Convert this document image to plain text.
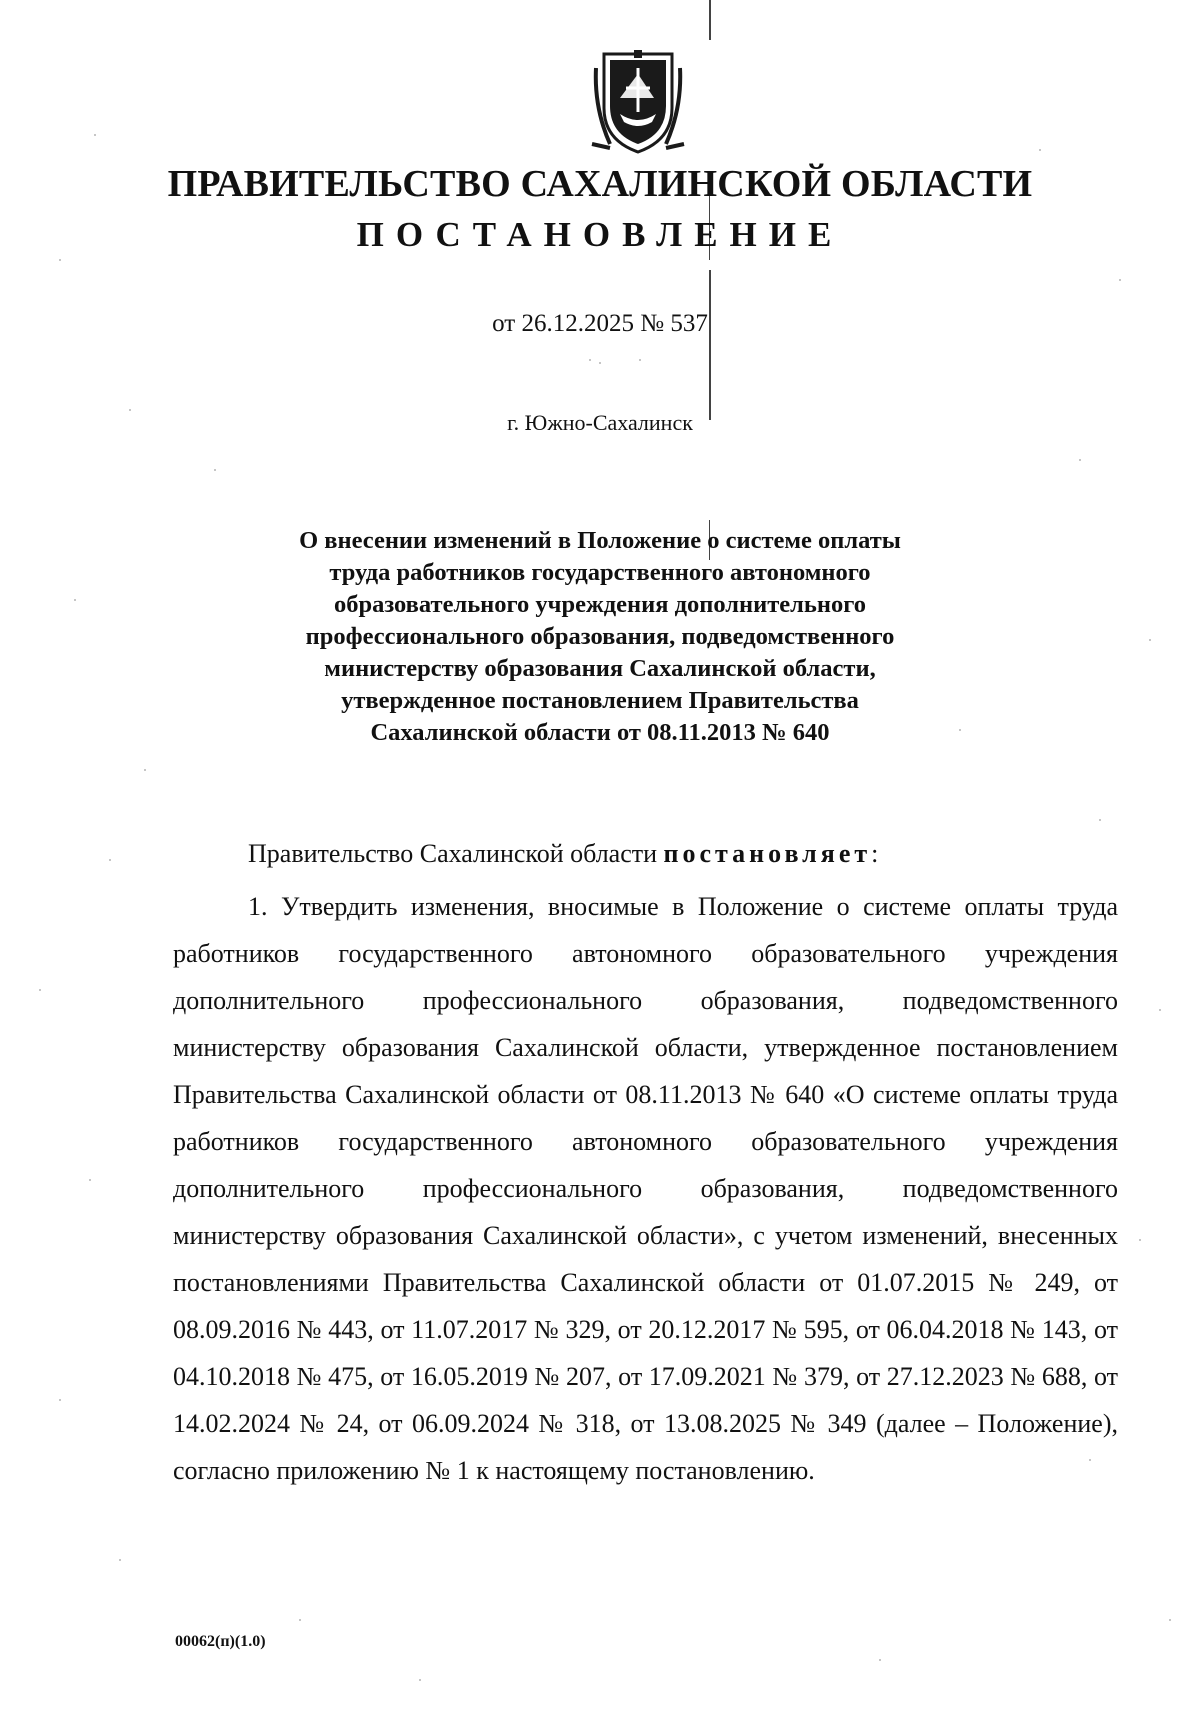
ПРАВИТЕЛЬСТВО САХАЛИНСКОЙ ОБЛАСТИ
ПОСТАНОВЛЕНИЕ

от 26.12.2025 № 537

г. Южно-Сахалинск

О внесении изменений в Положение о системе оплаты труда работников государственного автономного образовательного учреждения дополнительного профессионального образования, подведомственного министерству образования Сахалинской области, утвержденное постановлением Правительства Сахалинской области от 08.11.2013 № 640

Правительство Сахалинской области постановляет:

1. Утвердить изменения, вносимые в Положение о системе оплаты труда работников государственного автономного образовательного учреждения дополнительного профессионального образования, подведомственного министерству образования Сахалинской области, утвержденное постановлением Правительства Сахалинской области от 08.11.2013 № 640 «О системе оплаты труда работников государственного автономного образовательного учреждения дополнительного профессионального образования, подведомственного министерству образования Сахалинской области», с учетом изменений, внесенных постановлениями Правительства Сахалинской области от 01.07.2015 № 249, от 08.09.2016 № 443, от 11.07.2017 № 329, от 20.12.2017 № 595, от 06.04.2018 № 143, от 04.10.2018 № 475, от 16.05.2019 № 207, от 17.09.2021 № 379, от 27.12.2023 № 688, от 14.02.2024 № 24, от 06.09.2024 № 318, от 13.08.2025 № 349 (далее – Положение), согласно приложению № 1 к настоящему постановлению.

00062(п)(1.0)
